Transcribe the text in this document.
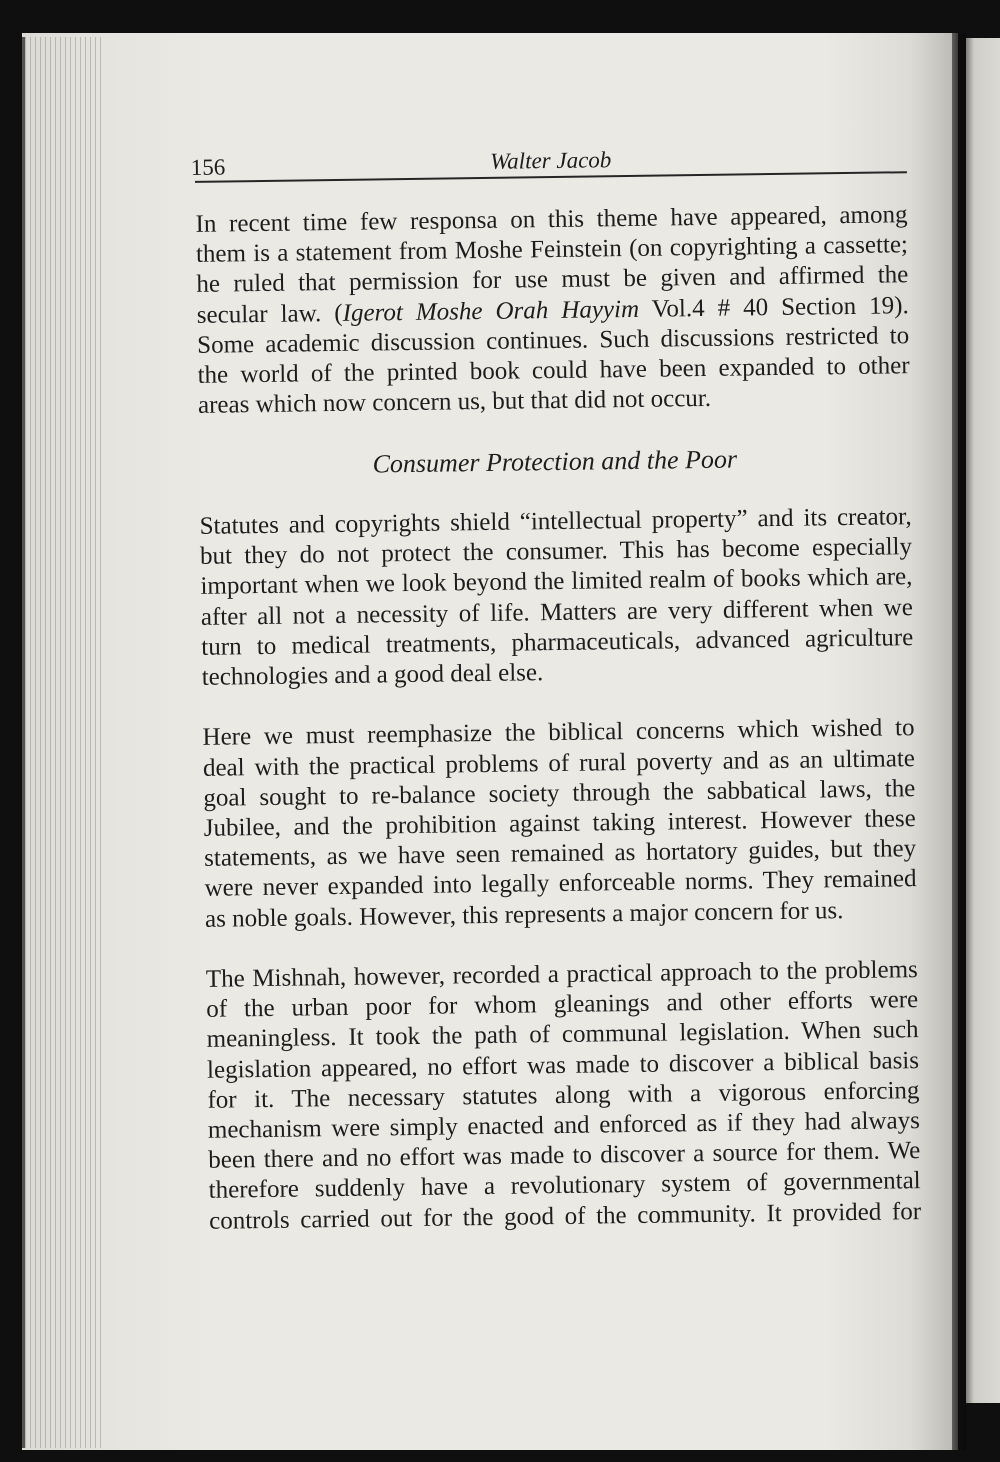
156	Walter Jacob
In recent time few responsa on this theme have appeared, among
them is a statement from Moshe Feinstein (on copyrighting a cassette;
he ruled that permission for use must be given and affirmed the
secular law. (Igerot Moshe Orah Hayyim Vol.4 # 40 Section 19).
Some academic discussion continues. Such discussions restricted to
the world of the printed book could have been expanded to other
areas which now concern us, but that did not occur.
Consumer Protection and the Poor
Statutes and copyrights shield “intellectual property” and its creator,
but they do not protect the consumer. This has become especially
important when we look beyond the limited realm of books which are,
after all not a necessity of life. Matters are very different when we
turn to medical treatments, pharmaceuticals, advanced agriculture
technologies and a good deal else.
Here we must reemphasize the biblical concerns which wished to
deal with the practical problems of rural poverty and as an ultimate
goal sought to re-balance society through the sabbatical laws, the
Jubilee, and the prohibition against taking interest. However these
statements, as we have seen remained as hortatory guides, but they
were never expanded into legally enforceable norms. They remained
as noble goals. However, this represents a major concern for us.
The Mishnah, however, recorded a practical approach to the problems
of the urban poor for whom gleanings and other efforts were
meaningless. It took the path of communal legislation. When such
legislation appeared, no effort was made to discover a biblical basis
for it. The necessary statutes along with a vigorous enforcing
mechanism were simply enacted and enforced as if they had always
been there and no effort was made to discover a source for them. We
therefore suddenly have a revolutionary system of governmental
controls carried out for the good of the community. It provided for
